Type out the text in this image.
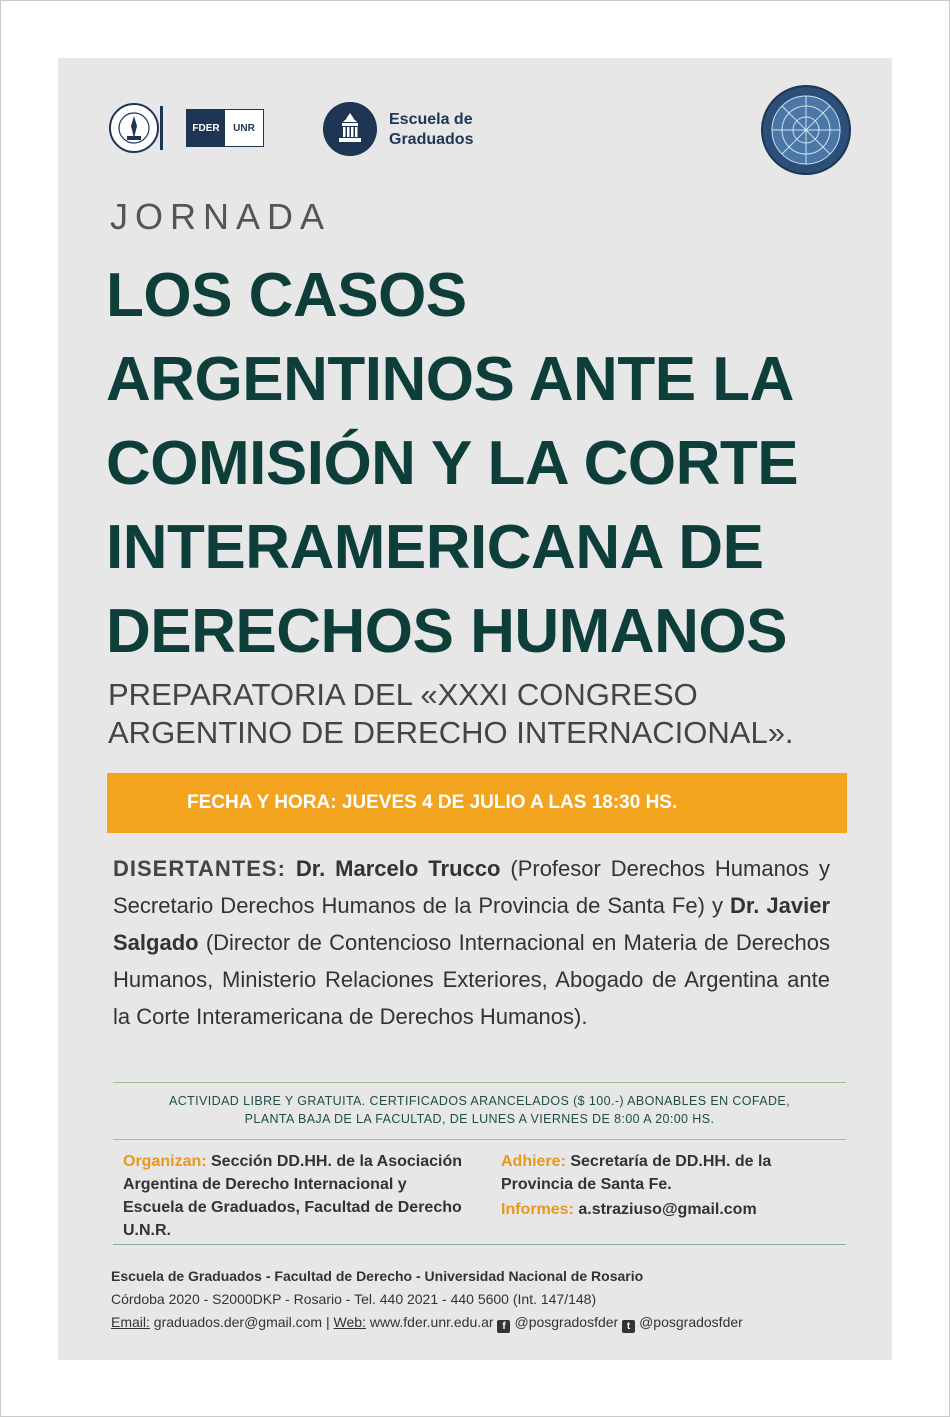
FDER	UNR	Escuela de
Graduados
JORNADA
LOS CASOS ARGENTINOS ANTE LA COMISIÓN Y LA CORTE INTERAMERICANA DE DERECHOS HUMANOS
PREPARATORIA DEL «XXXI CONGRESO ARGENTINO DE DERECHO INTERNACIONAL».
FECHA Y HORA: JUEVES 4 DE JULIO A LAS 18:30 HS.
DISERTANTES: Dr. Marcelo Trucco (Profesor Derechos Humanos y Secretario Derechos Humanos de la Provincia de Santa Fe) y Dr. Javier Salgado (Director de Contencioso Internacional en Materia de Derechos Humanos, Ministerio Relaciones Exteriores, Abogado de Argentina ante la Corte Interamericana de Derechos Humanos).
ACTIVIDAD LIBRE Y GRATUITA. CERTIFICADOS ARANCELADOS ($ 100.-) ABONABLES EN COFADE,
PLANTA BAJA DE LA FACULTAD, DE LUNES A VIERNES DE 8:00 A 20:00 HS.
Organizan: Sección DD.HH. de la Asociación Argentina de Derecho Internacional y Escuela de Graduados, Facultad de Derecho U.N.R.
Adhiere: Secretaría de DD.HH. de la Provincia de Santa Fe.
Informes: a.straziuso@gmail.com
Escuela de Graduados - Facultad de Derecho - Universidad Nacional de Rosario
Córdoba 2020 - S2000DKP - Rosario - Tel. 440 2021 - 440 5600 (Int. 147/148)
Email: graduados.der@gmail.com | Web: www.fder.unr.edu.ar f @posgradosfder t @posgradosfder
